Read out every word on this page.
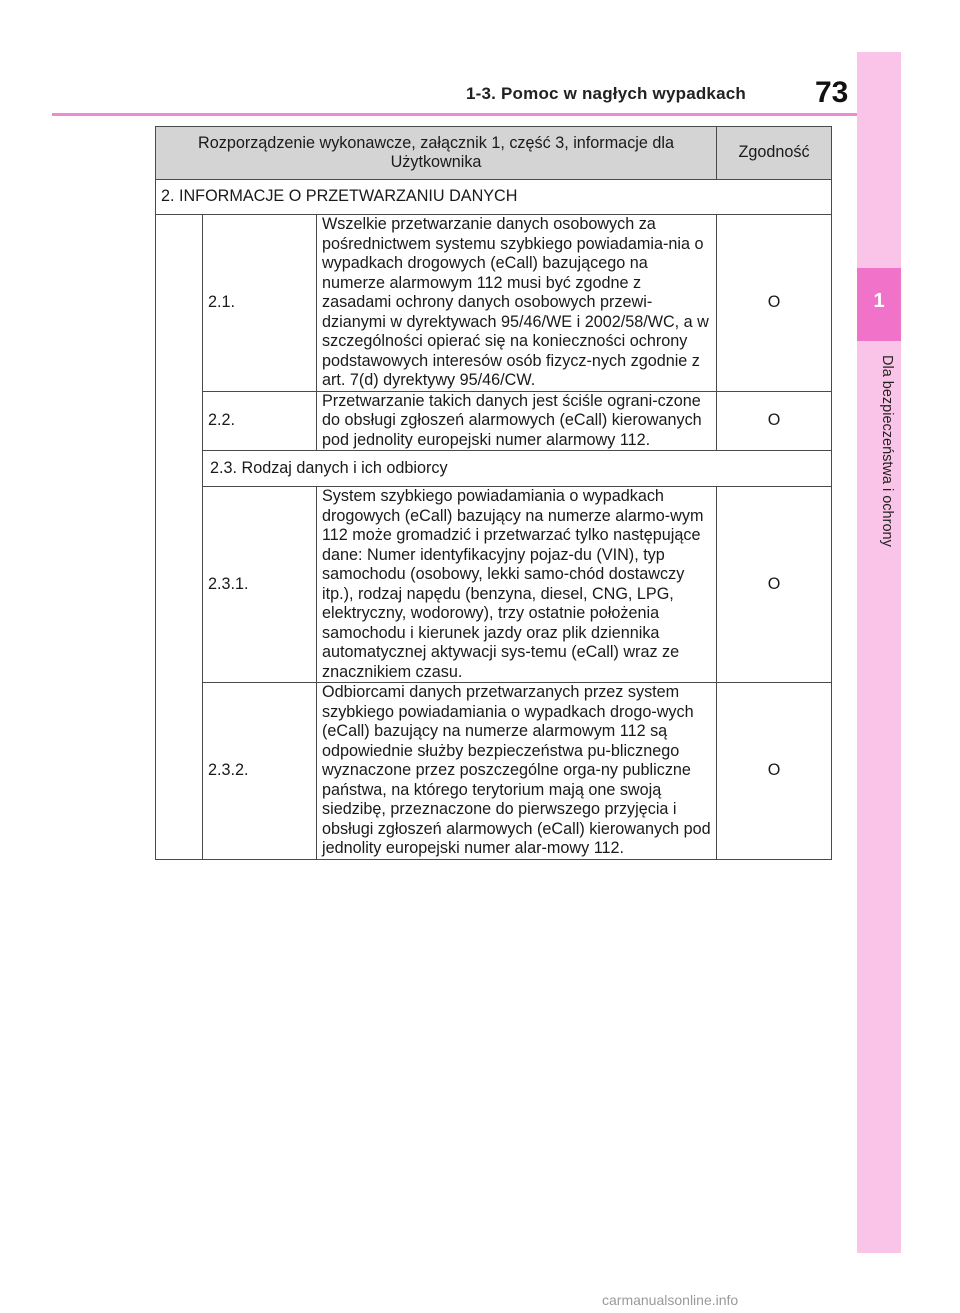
1-3. Pomoc w nagłych wypadkach 73
1
Dla bezpieczeństwa i ochrony
Rozporządzenie wykonawcze, załącznik 1, część 3, informacje dla Użytkownika			Zgodność
2. INFORMACJE O PRZETWARZANIU DANYCH			
	2.1.	Wszelkie przetwarzanie danych osobowych za pośrednictwem systemu szybkiego powiadamia-nia o wypadkach drogowych (eCall) bazującego na numerze alarmowym 112 musi być zgodne z zasadami ochrony danych osobowych przewi-dzianymi w dyrektywach 95/46/WE i 2002/58/WC, a w szczególności opierać się na konieczności ochrony podstawowych interesów osób fizycz-nych zgodnie z art. 7(d) dyrektywy 95/46/CW.	O
	2.2.	Przetwarzanie takich danych jest ściśle ograni-czone do obsługi zgłoszeń alarmowych (eCall) kierowanych pod jednolity europejski numer alarmowy 112.	O
	2.3. Rodzaj danych i ich odbiorcy		
	2.3.1.	System szybkiego powiadamiania o wypadkach drogowych (eCall) bazujący na numerze alarmo-wym 112 może gromadzić i przetwarzać tylko następujące dane: Numer identyfikacyjny pojaz-du (VIN), typ samochodu (osobowy, lekki samo-chód dostawczy itp.), rodzaj napędu (benzyna, diesel, CNG, LPG, elektryczny, wodorowy), trzy ostatnie położenia samochodu i kierunek jazdy oraz plik dziennika automatycznej aktywacji sys-temu (eCall) wraz ze znacznikiem czasu.	O
	2.3.2.	Odbiorcami danych przetwarzanych przez system szybkiego powiadamiania o wypadkach drogo-wych (eCall) bazujący na numerze alarmowym 112 są odpowiednie służby bezpieczeństwa pu-blicznego wyznaczone przez poszczególne orga-ny publiczne państwa, na którego terytorium mają one swoją siedzibę, przeznaczone do pierwszego przyjęcia i obsługi zgłoszeń alarmowych (eCall) kierowanych pod jednolity europejski numer alar-mowy 112.	O
carmanualsonline.info
